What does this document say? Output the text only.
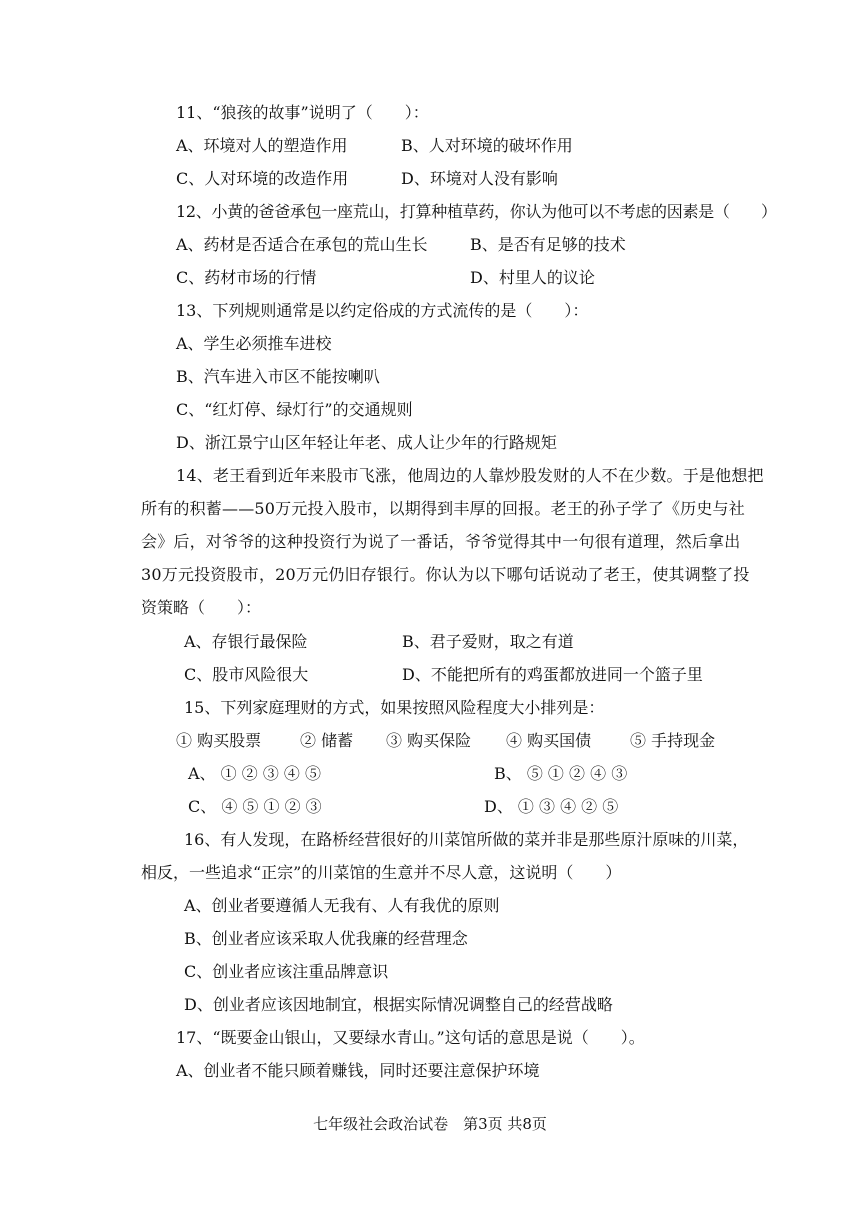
11、“狼孩的故事”说明了（　　）：
A、环境对人的塑造作用	B、人对环境的破坏作用
C、人对环境的改造作用	D、环境对人没有影响
12、小黄的爸爸承包一座荒山，打算种植草药，你认为他可以不考虑的因素是（　　）
A、药材是否适合在承包的荒山生长	B、是否有足够的技术
C、药材市场的行情	D、村里人的议论
13、下列规则通常是以约定俗成的方式流传的是（　　）：
A、学生必须推车进校
B、汽车进入市区不能按喇叭
C、“红灯停、绿灯行”的交通规则
D、浙江景宁山区年轻让年老、成人让少年的行路规矩
14、老王看到近年来股市飞涨，他周边的人靠炒股发财的人不在少数。于是他想把
所有的积蓄——50万元投入股市，以期得到丰厚的回报。老王的孙子学了《历史与社
会》后，对爷爷的这种投资行为说了一番话，爷爷觉得其中一句很有道理，然后拿出
30万元投资股市，20万元仍旧存银行。你认为以下哪句话说动了老王，使其调整了投
资策略（　　）：
A、存银行最保险	B、君子爱财，取之有道
C、股市风险很大	D、不能把所有的鸡蛋都放进同一个篮子里
15、下列家庭理财的方式，如果按照风险程度大小排列是：
① 购买股票 ② 储蓄 ③ 购买保险 ④ 购买国债 ⑤ 手持现金
A、 ① ② ③ ④ ⑤	B、 ⑤ ① ② ④ ③
C、 ④ ⑤ ① ② ③	D、 ① ③ ④ ② ⑤
16、有人发现，在路桥经营很好的川菜馆所做的菜并非是那些原汁原味的川菜，
相反，一些追求“正宗”的川菜馆的生意并不尽人意，这说明（　　）
A、创业者要遵循人无我有、人有我优的原则
B、创业者应该采取人优我廉的经营理念
C、创业者应该注重品牌意识
D、创业者应该因地制宜，根据实际情况调整自己的经营战略
17、“既要金山银山，又要绿水青山。”这句话的意思是说（　　）。
A、创业者不能只顾着赚钱，同时还要注意保护环境
七年级社会政治试卷　第3页 共8页
